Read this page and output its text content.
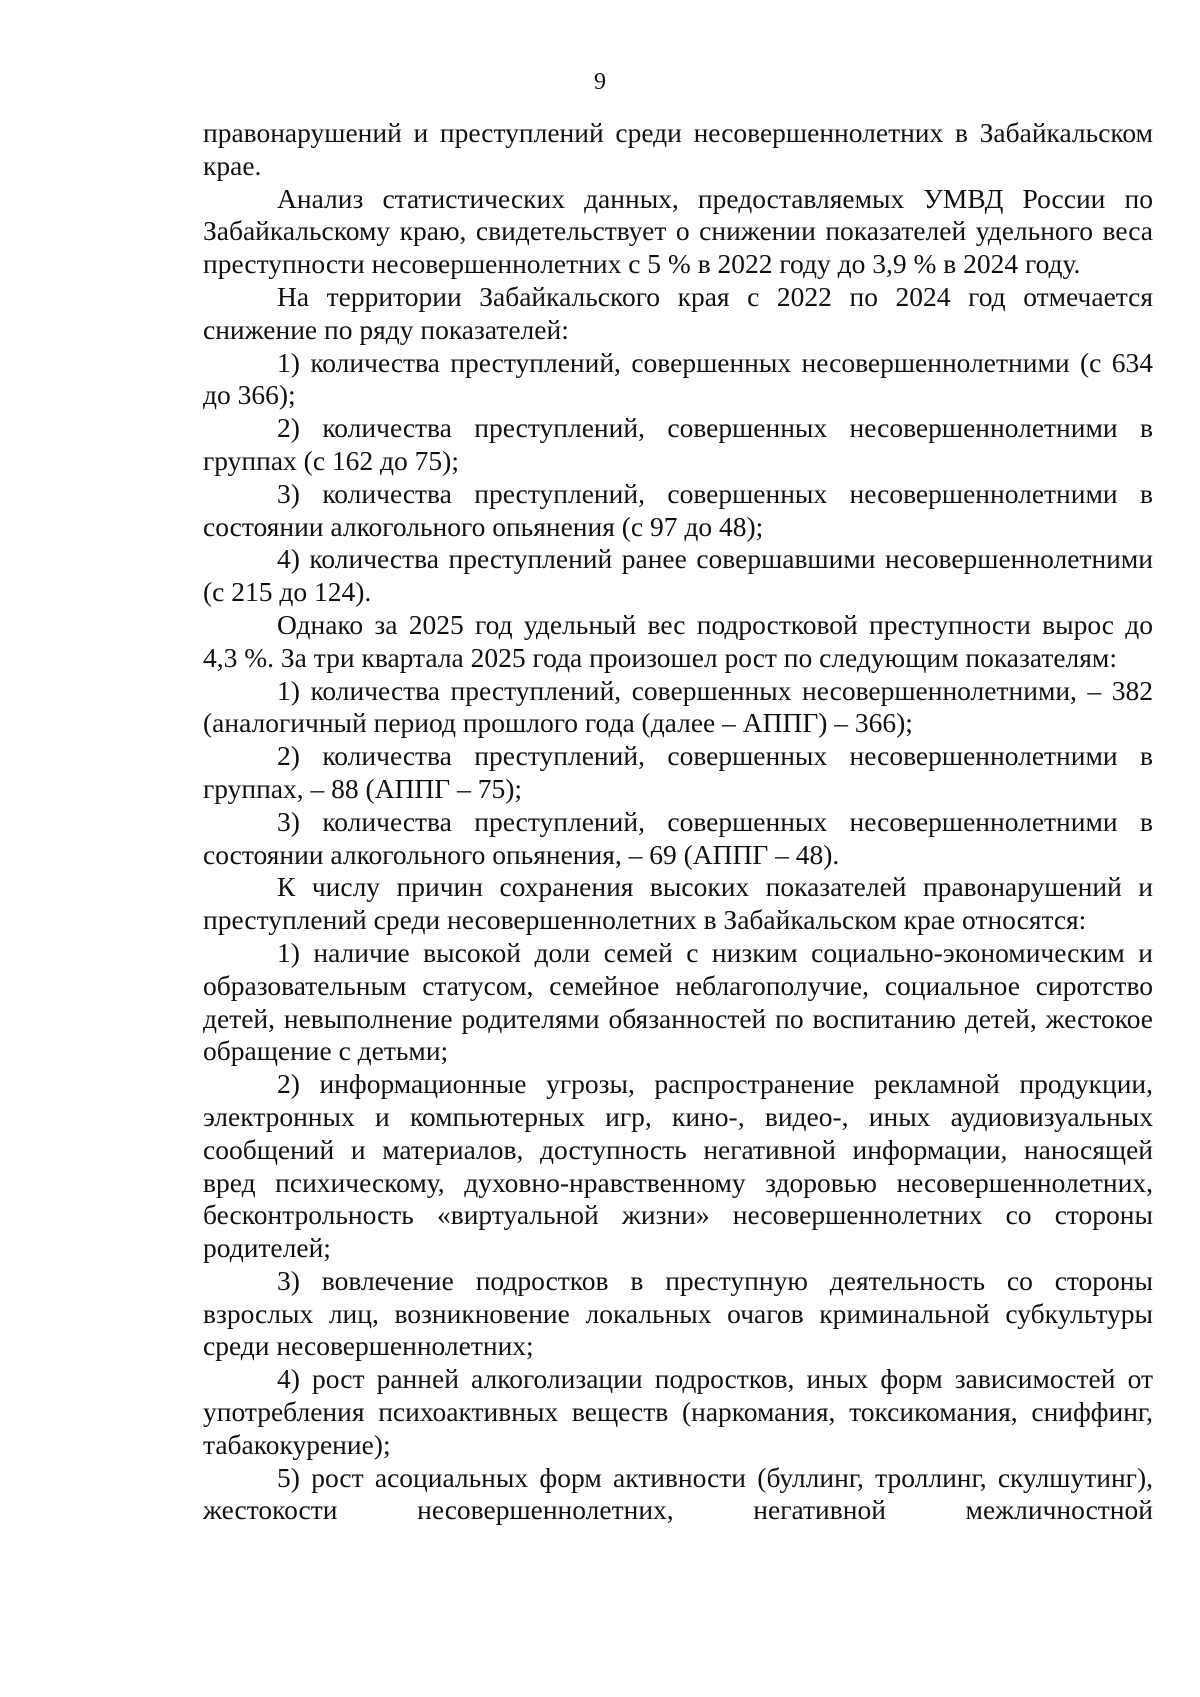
9

правонарушений и преступлений среди несовершеннолетних в Забайкальском крае.

Анализ статистических данных, предоставляемых УМВД России по Забайкальскому краю, свидетельствует о снижении показателей удельного веса преступности несовершеннолетних с 5 % в 2022 году до 3,9 % в 2024 году.

На территории Забайкальского края с 2022 по 2024 год отмечается снижение по ряду показателей:

1) количества преступлений, совершенных несовершеннолетними (с 634 до 366);

2) количества преступлений, совершенных несовершеннолетними в группах (с 162 до 75);

3) количества преступлений, совершенных несовершеннолетними в состоянии алкогольного опьянения (с 97 до 48);

4) количества преступлений ранее совершавшими несовершеннолетними (с 215 до 124).

Однако за 2025 год удельный вес подростковой преступности вырос до 4,3 %. За три квартала 2025 года произошел рост по следующим показателям:

1) количества преступлений, совершенных несовершеннолетними, – 382 (аналогичный период прошлого года (далее – АППГ) – 366);

2) количества преступлений, совершенных несовершеннолетними в группах, – 88 (АППГ – 75);

3) количества преступлений, совершенных несовершеннолетними в состоянии алкогольного опьянения, – 69 (АППГ – 48).

К числу причин сохранения высоких показателей правонарушений и преступлений среди несовершеннолетних в Забайкальском крае относятся:

1) наличие высокой доли семей с низким социально-экономическим и образовательным статусом, семейное неблагополучие, социальное сиротство детей, невыполнение родителями обязанностей по воспитанию детей, жестокое обращение с детьми;

2) информационные угрозы, распространение рекламной продукции, электронных и компьютерных игр, кино-, видео-, иных аудиовизуальных сообщений и материалов, доступность негативной информации, наносящей вред психическому, духовно-нравственному здоровью несовершеннолетних, бесконтрольность «виртуальной жизни» несовершеннолетних со стороны родителей;

3) вовлечение подростков в преступную деятельность со стороны взрослых лиц, возникновение локальных очагов криминальной субкультуры среди несовершеннолетних;

4) рост ранней алкоголизации подростков, иных форм зависимостей от употребления психоактивных веществ (наркомания, токсикомания, сниффинг, табакокурение);

5) рост асоциальных форм активности (буллинг, троллинг, скулшутинг), жестокости несовершеннолетних, негативной межличностной
